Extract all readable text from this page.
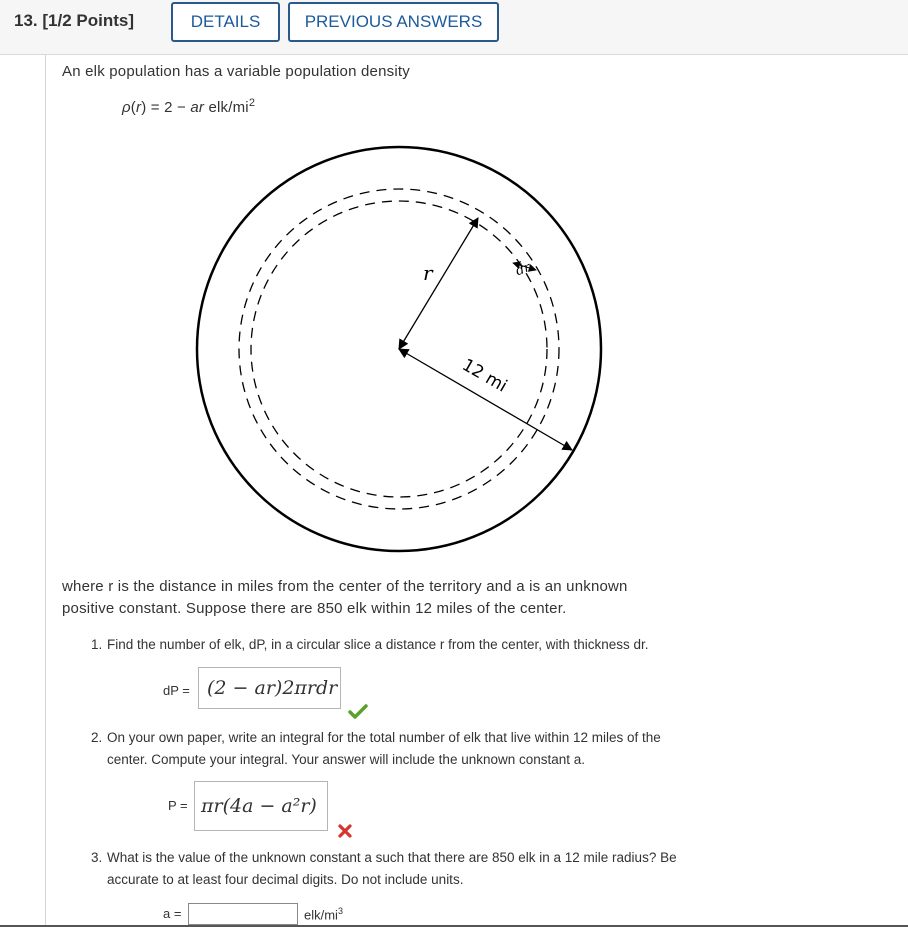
13. [1/2 Points]	DETAILS	PREVIOUS ANSWERS
An elk population has a variable population density
ρ(r) = 2 − ar elk/$mi^2$
r	dr
12 mi
where r is the distance in miles from the center of the territory and a is an unknown
positive constant. Suppose there are 850 elk within 12 miles of the center.
1. Find the number of elk, dP, in a circular slice a distance r from the center, with thickness dr.
dP = (2 − ar)2πrdr
2. On your own paper, write an integral for the total number of elk that live within 12 miles of the
center. Compute your integral. Your answer will include the unknown constant a.
P = πr(4a − a²r)
3. What is the value of the unknown constant a such that there are 850 elk in a 12 mile radius? Be
accurate to at least four decimal digits. Do not include units.
a =	elk/$mi^3$
